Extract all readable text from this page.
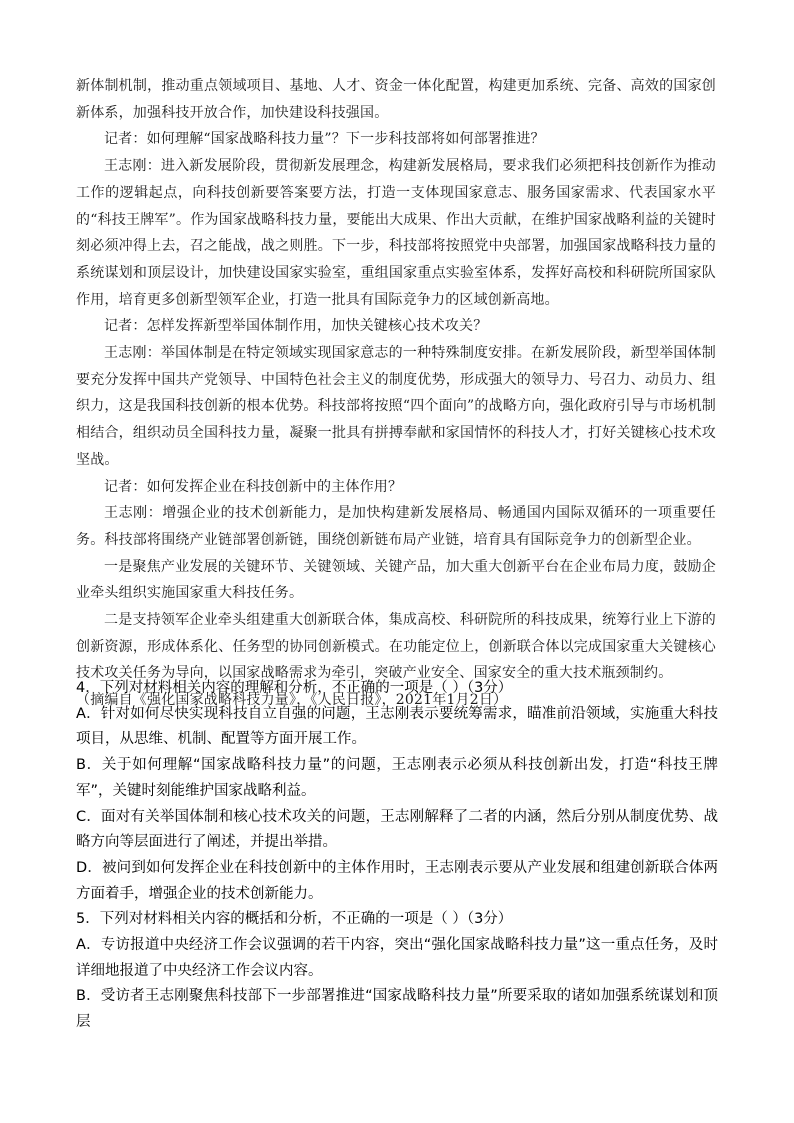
新体制机制，推动重点领域项目、基地、人才、资金一体化配置，构建更加系统、完备、高效的国家创新体系，加强科技开放合作，加快建设科技强国。

记者：如何理解“国家战略科技力量”？下一步科技部将如何部署推进？

王志刚：进入新发展阶段，贯彻新发展理念，构建新发展格局，要求我们必须把科技创新作为推动工作的逻辑起点，向科技创新要答案要方法，打造一支体现国家意志、服务国家需求、代表国家水平的“科技王牌军”。作为国家战略科技力量，要能出大成果、作出大贡献，在维护国家战略利益的关键时刻必须冲得上去，召之能战，战之则胜。下一步，科技部将按照党中央部署，加强国家战略科技力量的系统谋划和顶层设计，加快建设国家实验室，重组国家重点实验室体系，发挥好高校和科研院所国家队作用，培育更多创新型领军企业，打造一批具有国际竞争力的区域创新高地。

记者：怎样发挥新型举国体制作用，加快关键核心技术攻关？

王志刚：举国体制是在特定领域实现国家意志的一种特殊制度安排。在新发展阶段，新型举国体制要充分发挥中国共产党领导、中国特色社会主义的制度优势，形成强大的领导力、号召力、动员力、组织力，这是我国科技创新的根本优势。科技部将按照“四个面向”的战略方向，强化政府引导与市场机制相结合，组织动员全国科技力量，凝聚一批具有拼搏奉献和家国情怀的科技人才，打好关键核心技术攻坚战。

记者：如何发挥企业在科技创新中的主体作用？

王志刚：增强企业的技术创新能力，是加快构建新发展格局、畅通国内国际双循环的一项重要任务。科技部将围绕产业链部署创新链，围绕创新链布局产业链，培育具有国际竞争力的创新型企业。

一是聚焦产业发展的关键环节、关键领域、关键产品，加大重大创新平台在企业布局力度，鼓励企业牵头组织实施国家重大科技任务。

二是支持领军企业牵头组建重大创新联合体，集成高校、科研院所的科技成果，统筹行业上下游的创新资源，形成体系化、任务型的协同创新模式。在功能定位上，创新联合体以完成国家重大关键核心技术攻关任务为导向，以国家战略需求为牵引，突破产业安全、国家安全的重大技术瓶颈制约。

（摘编自《强化国家战略科技力量》，《人民日报》，2021年1月2日）

4．下列对材料相关内容的理解和分析，不正确的一项是（ ）（3分）

A．针对如何尽快实现科技自立自强的问题，王志刚表示要统筹需求，瞄准前沿领域，实施重大科技项目，从思维、机制、配置等方面开展工作。

B．关于如何理解“国家战略科技力量”的问题，王志刚表示必须从科技创新出发，打造“科技王牌军”，关键时刻能维护国家战略利益。

C．面对有关举国体制和核心技术攻关的问题，王志刚解释了二者的内涵，然后分别从制度优势、战略方向等层面进行了阐述，并提出举措。

D．被问到如何发挥企业在科技创新中的主体作用时，王志刚表示要从产业发展和组建创新联合体两方面着手，增强企业的技术创新能力。

5．下列对材料相关内容的概括和分析，不正确的一项是（ ）（3分）

A．专访报道中央经济工作会议强调的若干内容，突出“强化国家战略科技力量”这一重点任务，及时详细地报道了中央经济工作会议内容。

B．受访者王志刚聚焦科技部下一步部署推进“国家战略科技力量”所要采取的诸如加强系统谋划和顶层
